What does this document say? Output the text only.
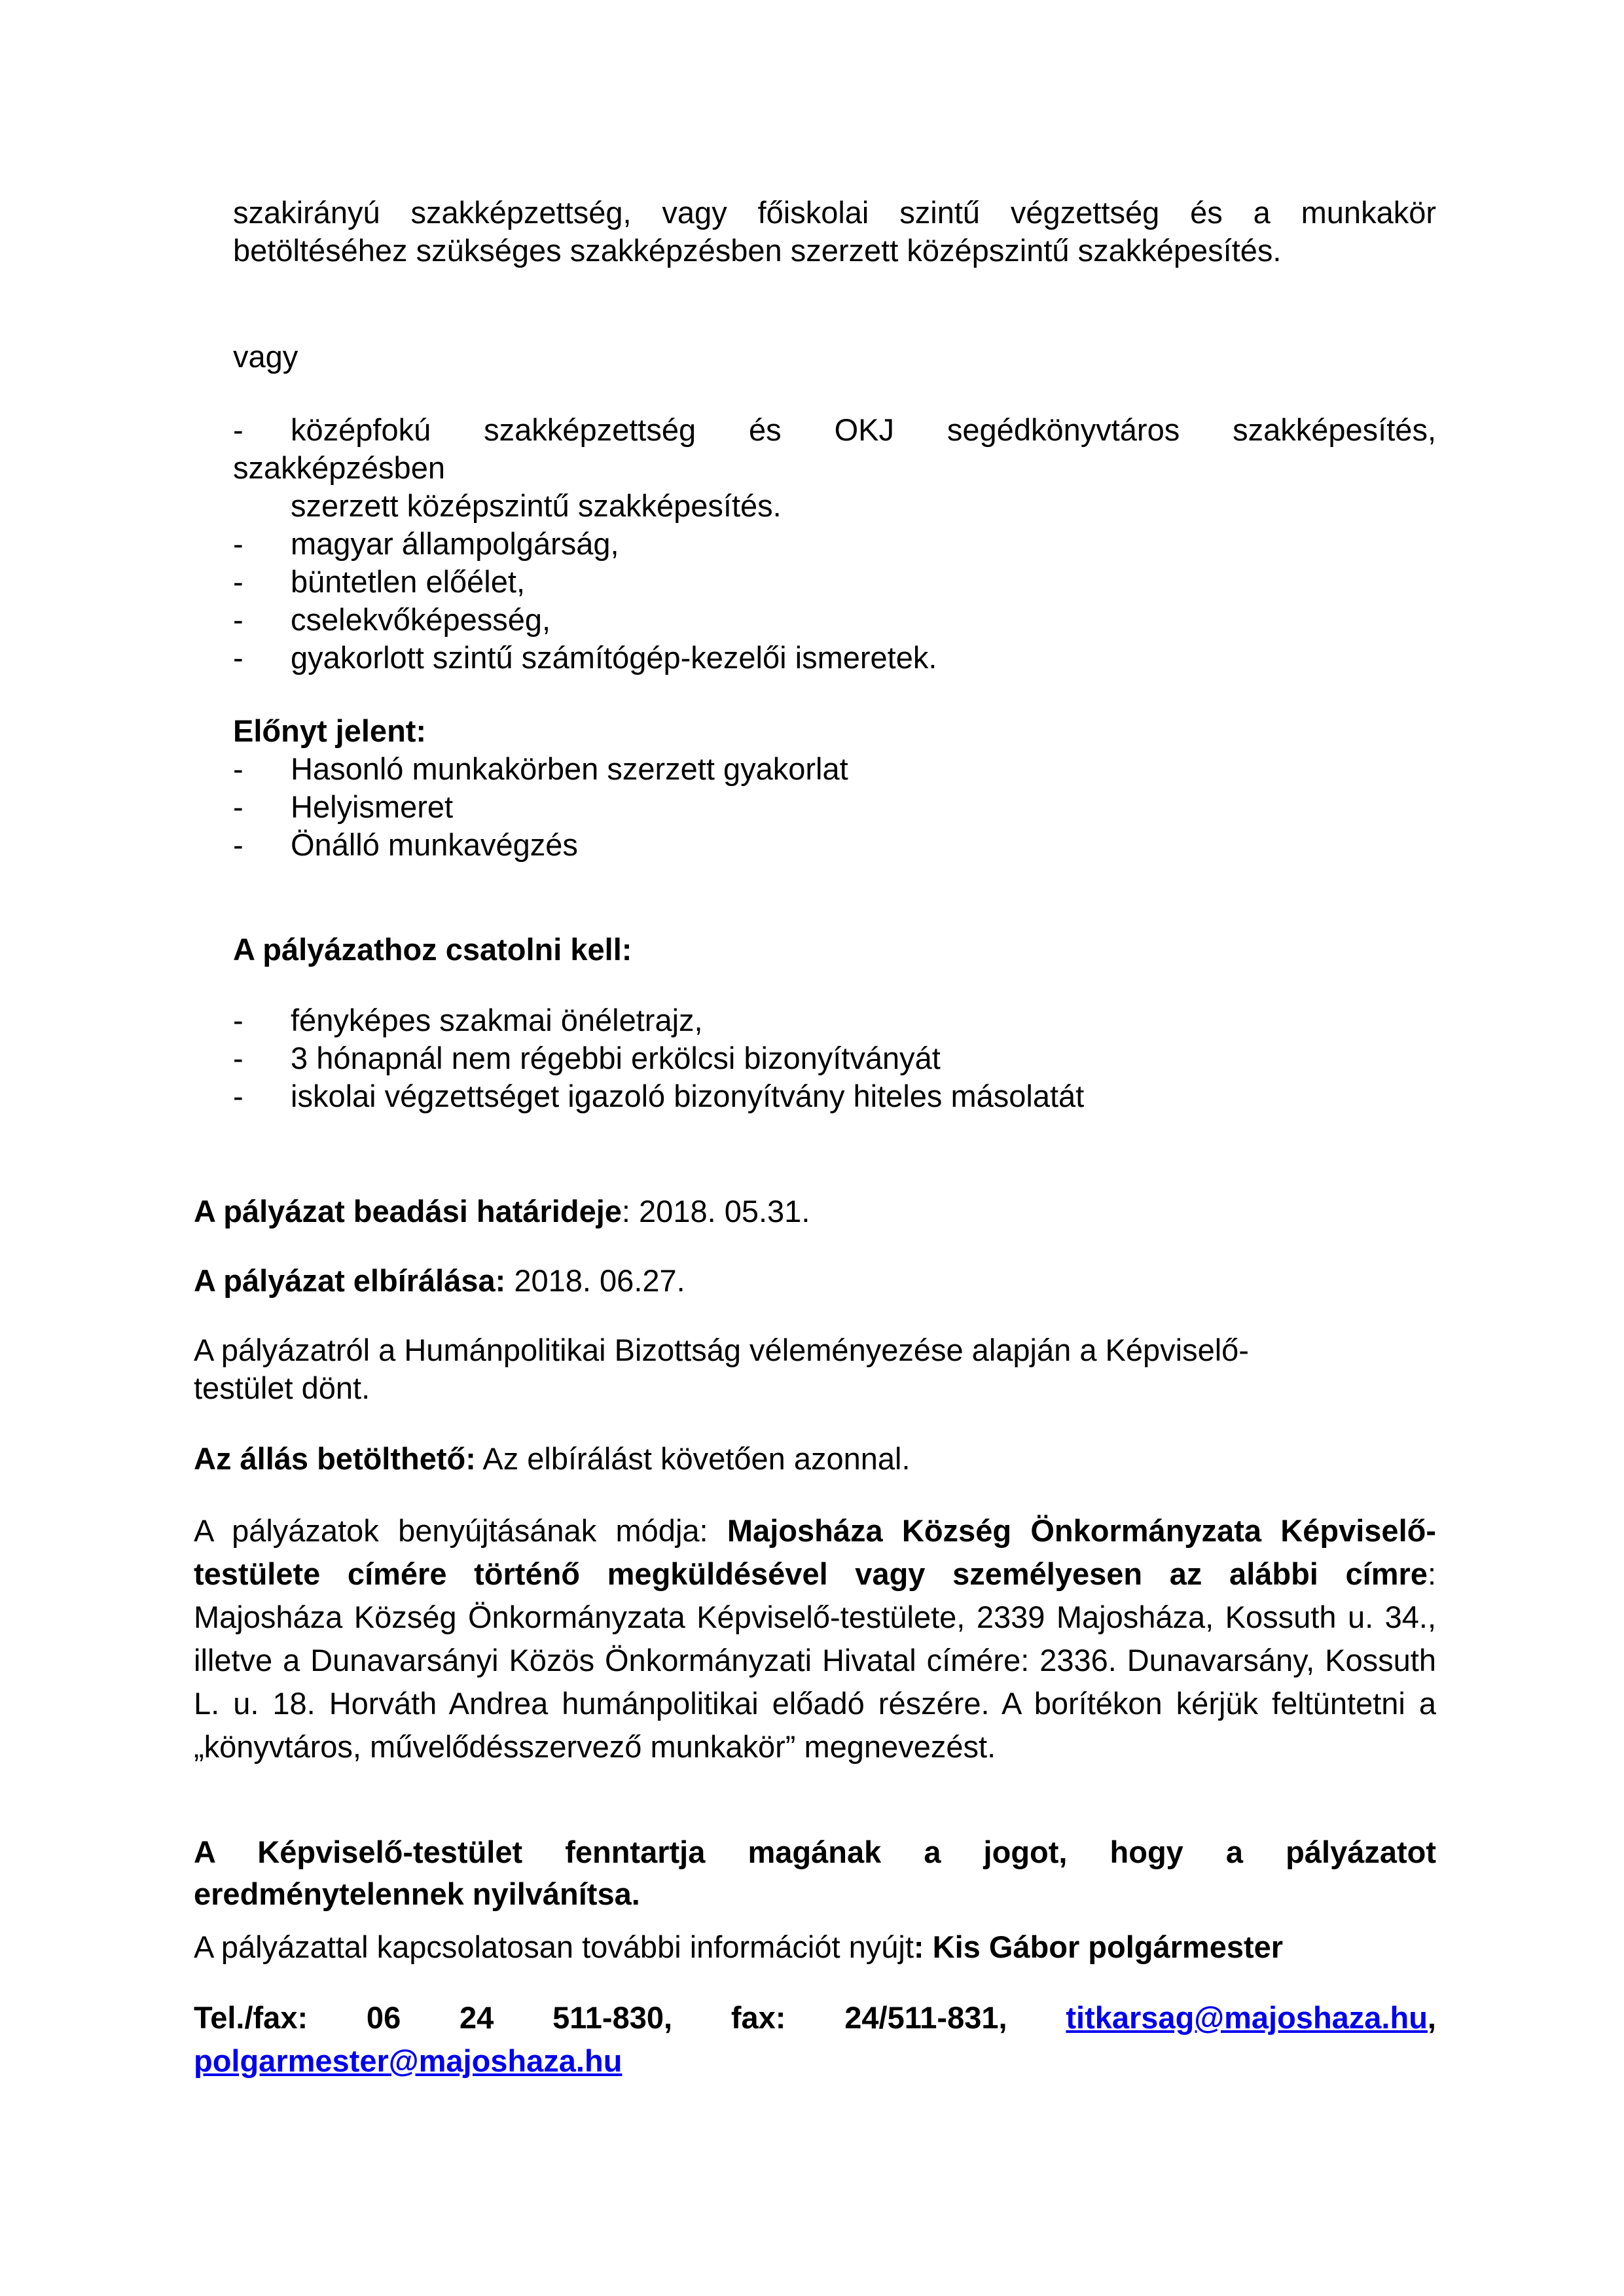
szakirányú szakképzettség, vagy főiskolai szintű végzettség és a munkakör

betöltéséhez szükséges szakképzésben szerzett középszintű szakképesítés.

vagy

- középfokú szakképzettség és OKJ segédkönyvtáros szakképesítés,

szakképzésben

szerzett középszintű szakképesítés.

- magyar állampolgárság,

- büntetlen előélet,

- cselekvőképesség,

- gyakorlott szintű számítógép-kezelői ismeretek.

Előnyt jelent:

- Hasonló munkakörben szerzett gyakorlat

- Helyismeret

- Önálló munkavégzés

A pályázathoz csatolni kell:

- fényképes szakmai önéletrajz,

- 3 hónapnál nem régebbi erkölcsi bizonyítványát

- iskolai végzettséget igazoló bizonyítvány hiteles másolatát

A pályázat beadási határideje: 2018. 05.31.
A pályázat elbírálása: 2018. 06.27.

A pályázatról a Humánpolitikai Bizottság véleményezése alapján a Képviselő-

testület dönt.

Az állás betölthető: Az elbírálást követően azonnal.
A pályázatok benyújtásának módja: Majosháza Község Önkormányzata Képviselő-testülete címére történő megküldésével vagy személyesen az alábbi címre: Majosháza Község Önkormányzata Képviselő-testülete, 2339 Majosháza, Kossuth u. 34., illetve a Dunavarsányi Közös Önkormányzati Hivatal címére: 2336. Dunavarsány, Kossuth L. u. 18. Horváth Andrea humánpolitikai előadó részére. A borítékon kérjük feltüntetni a „könyvtáros, művelődésszervező munkakör” megnevezést.
A Képviselő-testület fenntartja magának a jogot, hogy a pályázatot eredménytelennek nyilvánítsa.
A pályázattal kapcsolatosan további információt nyújt: Kis Gábor polgármester

Tel./fax: 06 24 511-830, fax: 24/511-831, titkarsag@majoshaza.hu,

polgarmester@majoshaza.hu
